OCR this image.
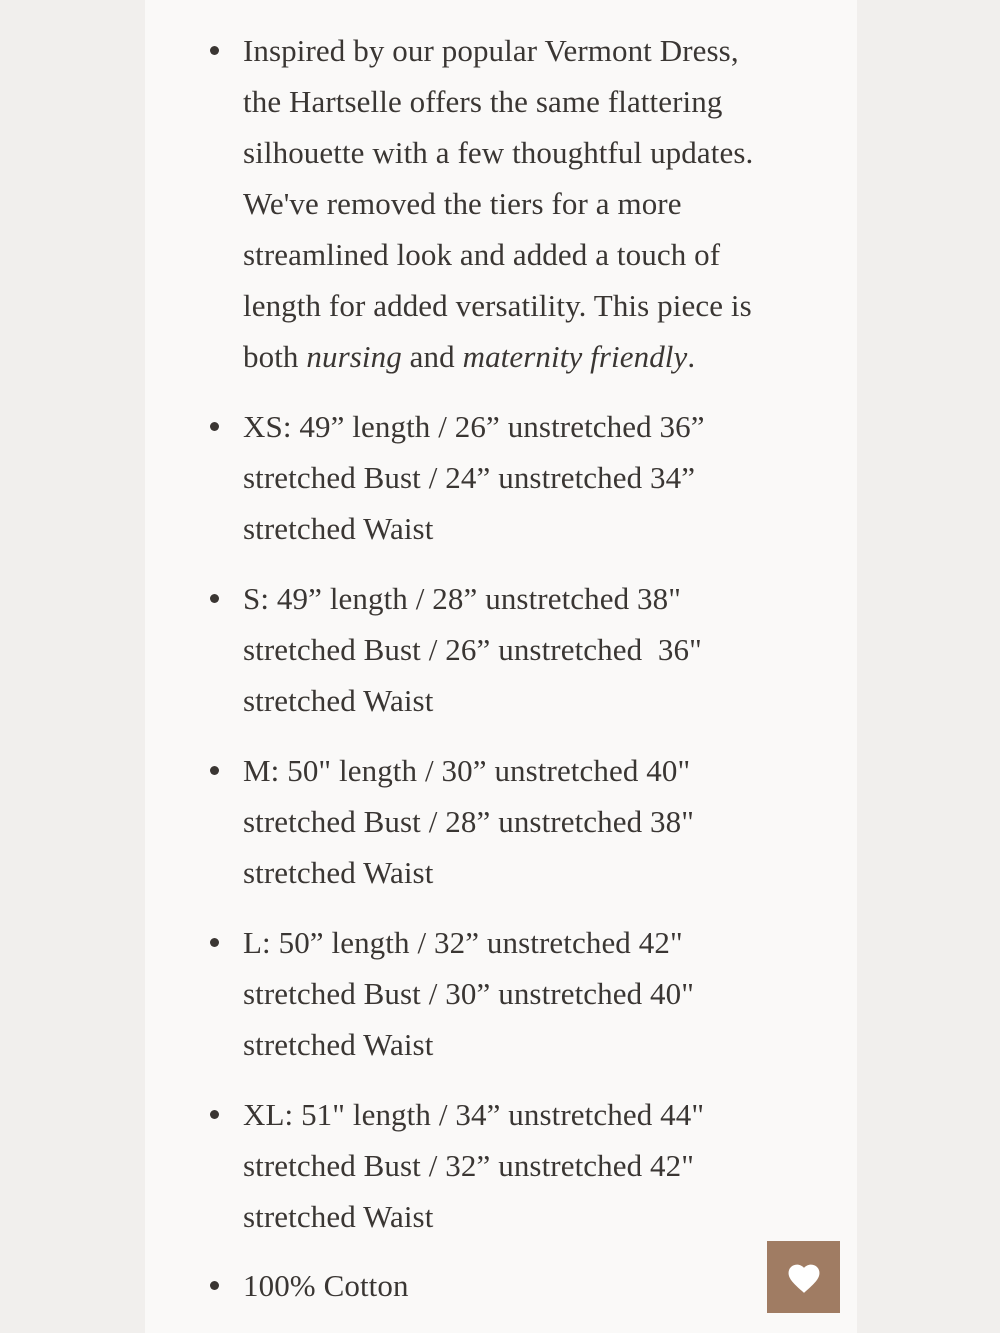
Inspired by our popular Vermont Dress,
the Hartselle offers the same flattering
silhouette with a few thoughtful updates.
We've removed the tiers for a more
streamlined look and added a touch of
length for added versatility. This piece is
both nursing and maternity friendly.
XS: 49” length / 26” unstretched 36”
stretched Bust / 24” unstretched 34”
stretched Waist
S: 49” length / 28” unstretched 38"
stretched Bust / 26” unstretched  36"
stretched Waist
M: 50" length / 30” unstretched 40"
stretched Bust / 28” unstretched 38"
stretched Waist
L: 50” length / 32” unstretched 42"
stretched Bust / 30” unstretched 40"
stretched Waist
XL: 51" length / 34” unstretched 44"
stretched Bust / 32” unstretched 42"
stretched Waist
100% Cotton
